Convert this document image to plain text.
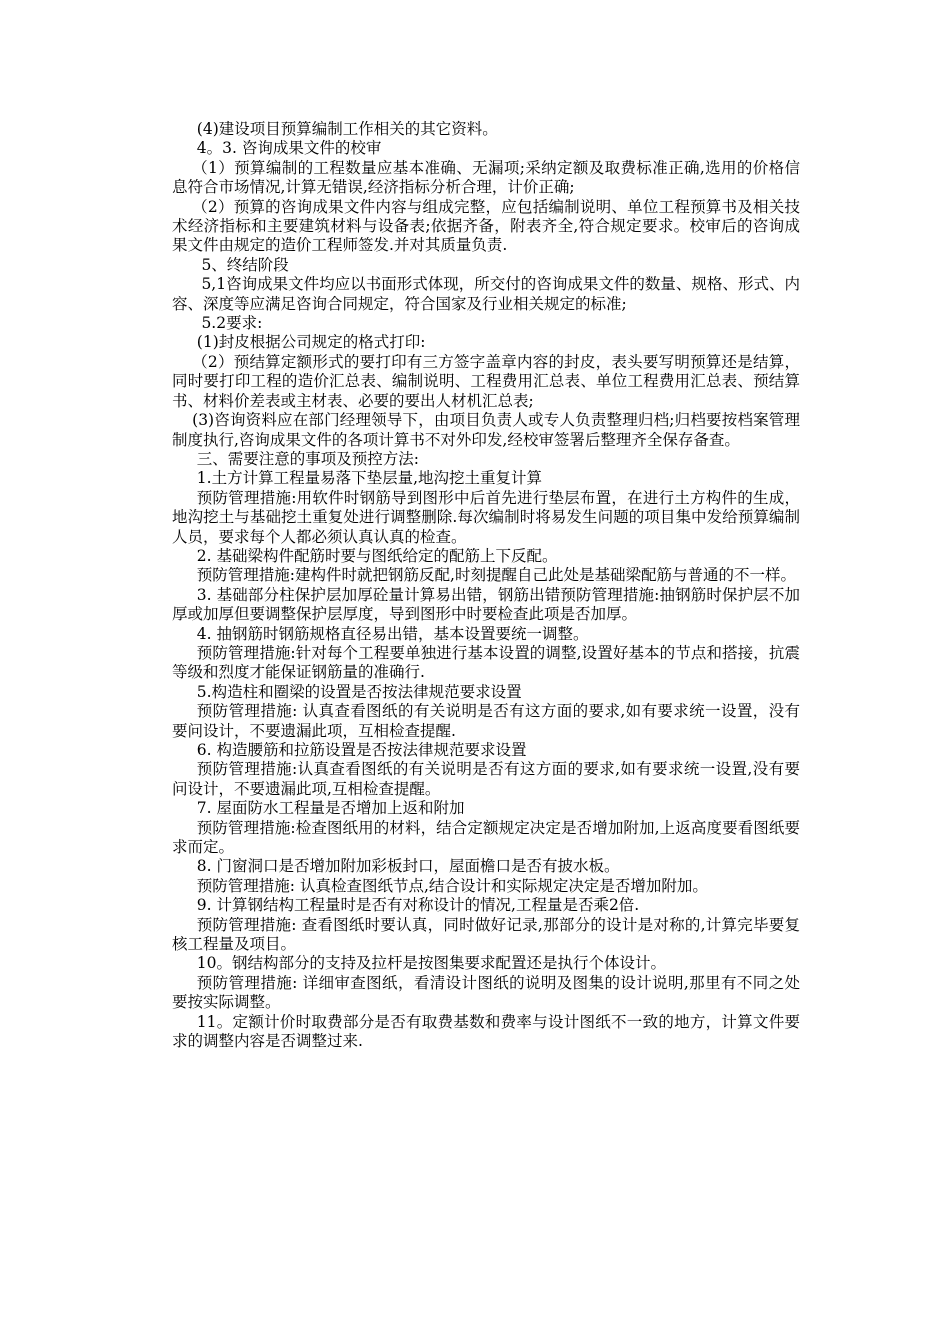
(4)建设项目预算编制工作相关的其它资料。

4。3. 咨询成果文件的校审

（1）预算编制的工程数量应基本准确、无漏项;采纳定额及取费标准正确,选用的价格信息符合市场情况,计算无错误,经济指标分析合理，计价正确;

（2）预算的咨询成果文件内容与组成完整，应包括编制说明、单位工程预算书及相关技术经济指标和主要建筑材料与设备表;依据齐备，附表齐全,符合规定要求。校审后的咨询成果文件由规定的造价工程师签发.并对其质量负责.

5、终结阶段

5,1咨询成果文件均应以书面形式体现，所交付的咨询成果文件的数量、规格、形式、内容、深度等应满足咨询合同规定，符合国家及行业相关规定的标准;

5.2要求:

(1)封皮根据公司规定的格式打印:

（2）预结算定额形式的要打印有三方签字盖章内容的封皮，表头要写明预算还是结算，同时要打印工程的造价汇总表、编制说明、工程费用汇总表、单位工程费用汇总表、预结算书、材料价差表或主材表、必要的要出人材机汇总表;

(3)咨询资料应在部门经理领导下，由项目负责人或专人负责整理归档;归档要按档案管理制度执行,咨询成果文件的各项计算书不对外印发,经校审签署后整理齐全保存备查。

三、需要注意的事项及预控方法:

1.土方计算工程量易落下垫层量,地沟挖土重复计算

预防管理措施:用软件时钢筋导到图形中后首先进行垫层布置，在进行土方构件的生成，地沟挖土与基础挖土重复处进行调整删除.每次编制时将易发生问题的项目集中发给预算编制人员，要求每个人都必须认真认真的检查。

2. 基础梁构件配筋时要与图纸给定的配筋上下反配。

预防管理措施:建构件时就把钢筋反配,时刻提醒自己此处是基础梁配筋与普通的不一样。

3. 基础部分柱保护层加厚砼量计算易出错，钢筋出错预防管理措施:抽钢筋时保护层不加厚或加厚但要调整保护层厚度，导到图形中时要检查此项是否加厚。

4. 抽钢筋时钢筋规格直径易出错，基本设置要统一调整。

预防管理措施:针对每个工程要单独进行基本设置的调整,设置好基本的节点和搭接，抗震等级和烈度才能保证钢筋量的准确行.

5.构造柱和圈梁的设置是否按法律规范要求设置

预防管理措施: 认真查看图纸的有关说明是否有这方面的要求,如有要求统一设置，没有要问设计，不要遗漏此项，互相检查提醒.

6. 构造腰筋和拉筋设置是否按法律规范要求设置

预防管理措施:认真查看图纸的有关说明是否有这方面的要求,如有要求统一设置,没有要问设计，不要遗漏此项,互相检查提醒。

7. 屋面防水工程量是否增加上返和附加

预防管理措施:检查图纸用的材料，结合定额规定决定是否增加附加,上返高度要看图纸要求而定。

8. 门窗洞口是否增加附加彩板封口，屋面檐口是否有披水板。

预防管理措施: 认真检查图纸节点,结合设计和实际规定决定是否增加附加。

9. 计算钢结构工程量时是否有对称设计的情况,工程量是否乘2倍.

预防管理措施: 查看图纸时要认真，同时做好记录,那部分的设计是对称的,计算完毕要复核工程量及项目。

10。钢结构部分的支持及拉杆是按图集要求配置还是执行个体设计。

预防管理措施: 详细审查图纸，看清设计图纸的说明及图集的设计说明,那里有不同之处要按实际调整。

11。定额计价时取费部分是否有取费基数和费率与设计图纸不一致的地方，计算文件要求的调整内容是否调整过来.
